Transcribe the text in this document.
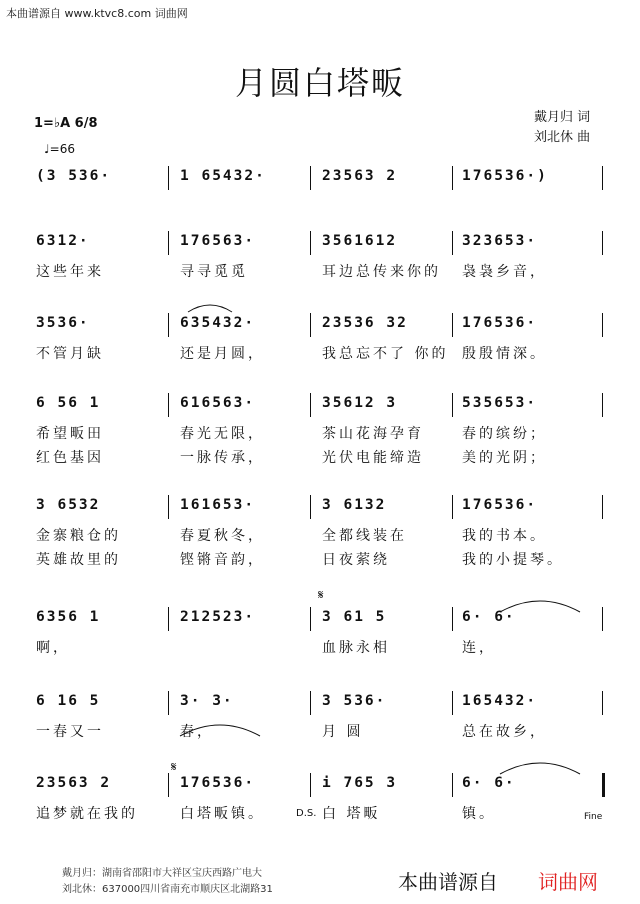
本曲谱源自 www.ktvc8.com 词曲网
月圆白塔畈
戴月归 词
刘北休 曲
1=♭A 6/8
♩=66
(3 536·	1 65432·	23563 2	176536·)
6312·	176563·	3561612	323653·
这些年来	寻寻觅觅	耳边总传来你的 袅袅乡音，
3536·	635432·	23536 32	176536·
不管月缺	还是月圆，	我总忘不了 你的 殷殷情深。
6 56 1	616563·	35612 3	535653·
希望畈田	春光无限，	茶山花海孕育	春的缤纷；
红色基因	一脉传承，	光伏电能缔造	美的光阴；
3 6532	161653·	3 6132	176536·
金寨粮仓的	春夏秋冬，	全都线装在	我的书本。
英雄故里的	铿锵音韵，	日夜萦绕	我的小提琴。
6356 1	212523·	3 61 5	6· 6·
啊，	血脉永相	连，
6 16 5	3· 3·	3 536·	165432·
一春又一	春，	月 圆	总在故乡，
23563 2	176536·	i 765 3	6· 6·
追梦就在我的	白塔畈镇。	白 塔畈	镇。
𝄋
𝄋
D.S.	Fine
戴月归：湖南省邵阳市大祥区宝庆西路广电大
刘北休：637000四川省南充市顺庆区北湖路31	本曲谱源自 词曲网
